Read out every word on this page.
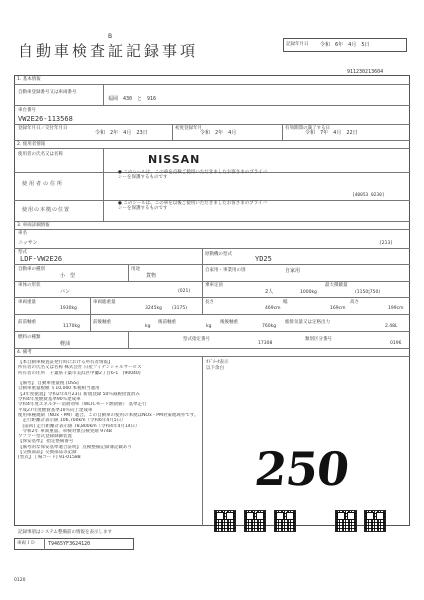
B
自動車検査証記録事項	記録年月日 令和　6年　4月　5日
911230213604
1. 基本情報
自動車登録番号又は車両番号
福岡　430　と　916
車台番号
VW2E26-113568
登録年月日／交付年月日
令和　2年　4月　23日
初度登録年月
令和　2年　4月
有効期間の満了する日
令和　7年　4月　22日
2. 使用者情報
使用者の氏名又は名称
使用者の住所
[40053 0230]
使用の本拠の位置
NISSAN
● このシールは、この車を点検ご使用いただきましたお客さまのプライバシーを保護するものです
● このシールは、この車を以後ご使用いただきましたお客さまのプライバシーを保護するものです
3. 車両詳細情報
車名
ニッサン	[213]
型式
LDF-VW2E26
原動機の型式
YD25
自動車の種別
小　型
用途
貨物
自家用・事業用の別	自家用
車体の形状
バン	(021)
乗車定員
2人
最大積載量
(1150|750)
1000kg
車両重量
1930kg
車両総重量
3245kg (3175)
長さ
469cm
幅
169cm
高さ
199cm
前前軸重
1170kg
前後軸重
kg
後前軸重
kg
後後軸重
760kg
総排気量又は定格出力
2.48L
燃料の種類
軽油
型式指定番号
17308
類別区分番号
0196
4. 備考
ｵﾄﾞﾒｰﾀ表示
以下余白
【本自動車検査証発行時における所有者情報】
所有者の氏名又は名称 株式会社 日産フィナンシャルサービス
所有者の住所　千葉県千葉市美浜区中瀬2丁目6-1　[90040]
【備考】 自動車重量税 [OSS]
自動車重量税額 ￥10,000 本税相当適用
【3年度据置】令和2年4月23日 新規登録 50％減税措置済み
令和4年度燃費基準90％達成車
令和4年度エネルギー消費効率（WLTCモード燃費値） 基準走行
平成27年度燃費基準10％向上達成車
使用車種規制（NOx・PM）適合。この自動車の使用の本拠はNOx・PM対策地域外です。
　走行距離計表示値 106,700km（令和6年4月5日）
　[前回] 走行距離計表示値 78,800km（令和4年4月14日）
　令和2年 車両重量、車検対象点検実績 974B
ワフラー型式登録制御装置
【保安基準】 指定整備番号
【備考的な保安基準適合証明】 点検整備記録簿記載あり
【交換部品】交換部品等記録
[型式】工場コード] 91-01588	250
記録事項はシステム整備前の情報を表示します
車両ＩＤ	T9465YF3624120
0120
